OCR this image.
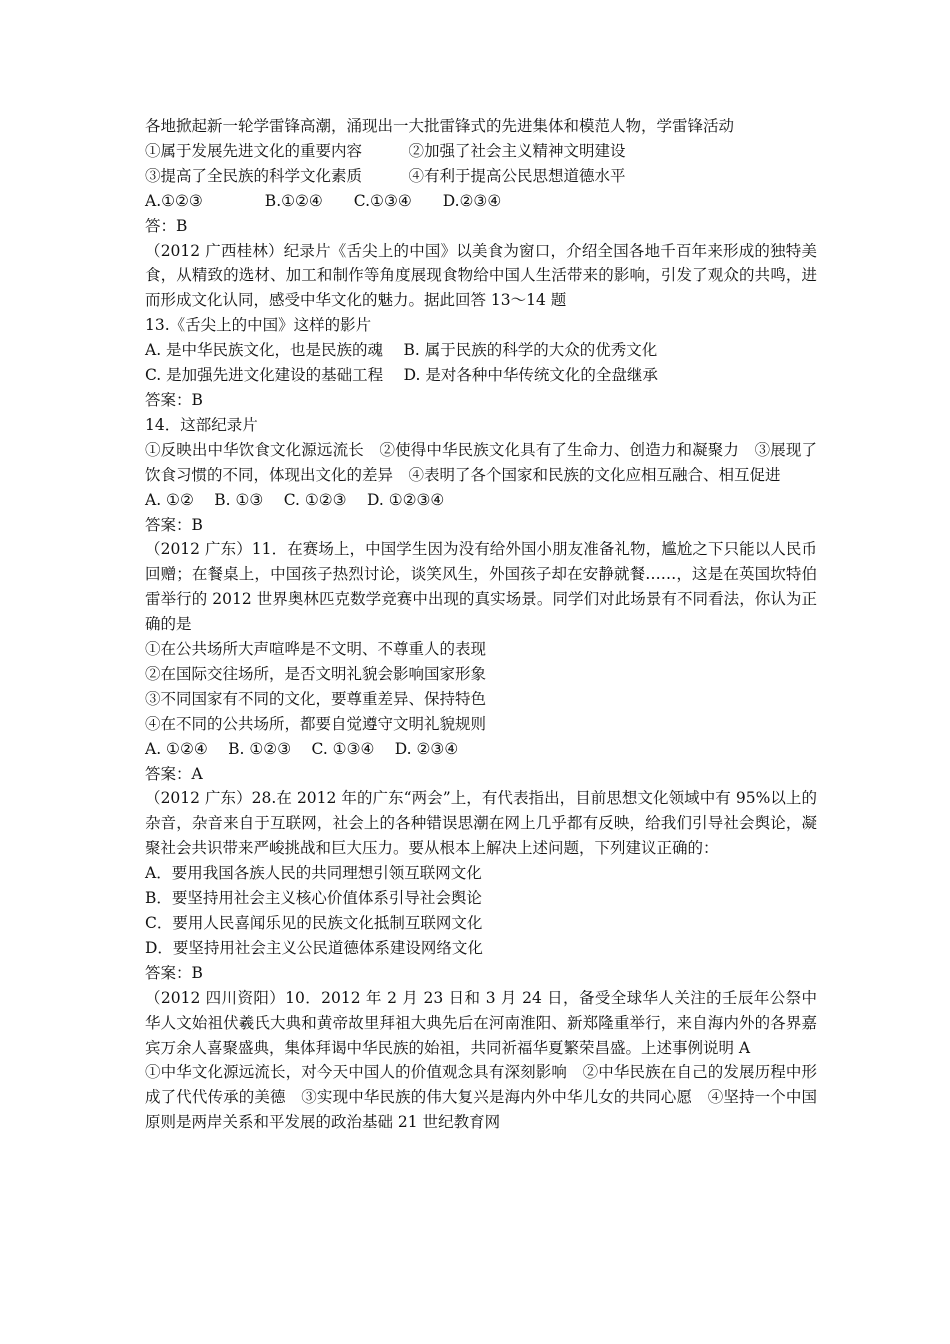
各地掀起新一轮学雷锋高潮，涌现出一大批雷锋式的先进集体和模范人物，学雷锋活动
①属于发展先进文化的重要内容　　　②加强了社会主义精神文明建设
③提高了全民族的科学文化素质　　　④有利于提高公民思想道德水平
A.①②③　　　　B.①②④　　C.①③④　　D.②③④
答：B
（2012 广西桂林）纪录片《舌尖上的中国》以美食为窗口，介绍全国各地千百年来形成的独特美食，从精致的选材、加工和制作等角度展现食物给中国人生活带来的影响，引发了观众的共鸣，进而形成文化认同，感受中华文化的魅力。据此回答 13～14 题
13.《舌尖上的中国》这样的影片
A. 是中华民族文化，也是民族的魂　 B. 属于民族的科学的大众的优秀文化
C. 是加强先进文化建设的基础工程　 D. 是对各种中华传统文化的全盘继承
答案：B
14．这部纪录片
①反映出中华饮食文化源远流长　②使得中华民族文化具有了生命力、创造力和凝聚力　③展现了饮食习惯的不同，体现出文化的差异　④表明了各个国家和民族的文化应相互融合、相互促进
A. ①②　 B. ①③　 C. ①②③　 D. ①②③④
答案：B
（2012 广东）11．在赛场上，中国学生因为没有给外国小朋友准备礼物，尴尬之下只能以人民币回赠；在餐桌上，中国孩子热烈讨论，谈笑风生，外国孩子却在安静就餐……，这是在英国坎特伯雷举行的 2012 世界奥林匹克数学竞赛中出现的真实场景。同学们对此场景有不同看法，你认为正确的是
①在公共场所大声喧哗是不文明、不尊重人的表现
②在国际交往场所，是否文明礼貌会影响国家形象
③不同国家有不同的文化，要尊重差异、保持特色
④在不同的公共场所，都要自觉遵守文明礼貌规则
A. ①②④　 B. ①②③　 C. ①③④　 D. ②③④
答案：A
（2012 广东）28.在 2012 年的广东“两会”上，有代表指出，目前思想文化领域中有 95%以上的杂音，杂音来自于互联网，社会上的各种错误思潮在网上几乎都有反映，给我们引导社会舆论，凝聚社会共识带来严峻挑战和巨大压力。要从根本上解决上述问题，下列建议正确的：
A．要用我国各族人民的共同理想引领互联网文化
B．要坚持用社会主义核心价值体系引导社会舆论
C．要用人民喜闻乐见的民族文化抵制互联网文化
D．要坚持用社会主义公民道德体系建设网络文化
答案：B
（2012 四川资阳）10．2012 年 2 月 23 日和 3 月 24 日，备受全球华人关注的壬辰年公祭中华人文始祖伏羲氏大典和黄帝故里拜祖大典先后在河南淮阳、新郑隆重举行，来自海内外的各界嘉宾万余人喜聚盛典，集体拜谒中华民族的始祖，共同祈福华夏繁荣昌盛。上述事例说明 A
①中华文化源远流长，对今天中国人的价值观念具有深刻影响　②中华民族在自己的发展历程中形成了代代传承的美德　③实现中华民族的伟大复兴是海内外中华儿女的共同心愿　④坚持一个中国原则是两岸关系和平发展的政治基础 21 世纪教育网
